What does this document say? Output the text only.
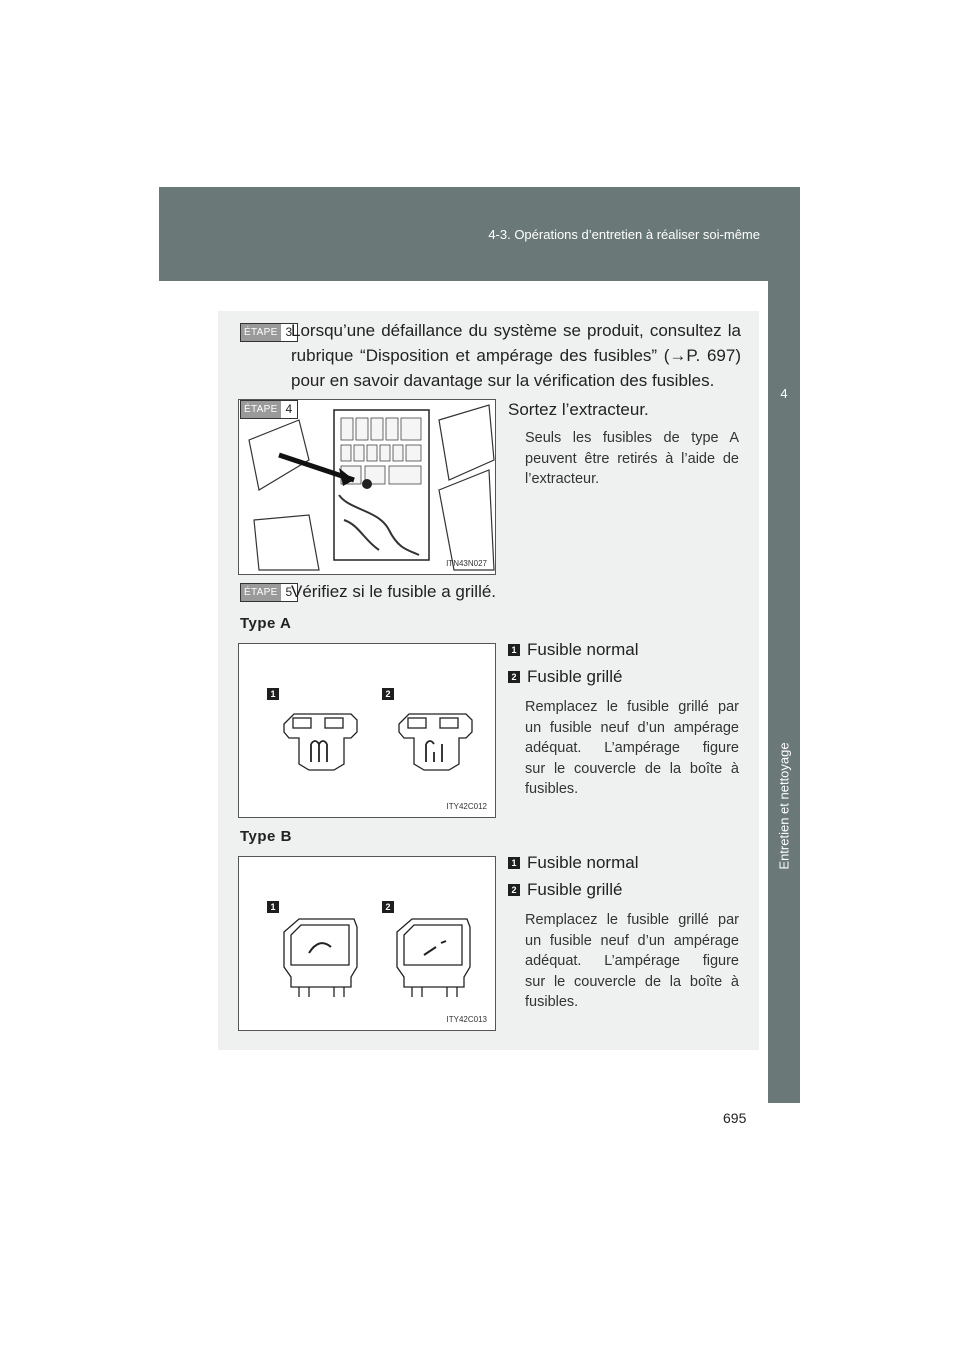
4-3. Opérations d’entretien à réaliser soi-même
4
Entretien et nettoyage
ÉTAPE 3
Lorsqu’une défaillance du système se produit, consultez la
rubrique “Disposition et ampérage des fusibles” (→P. 697)
pour en savoir davantage sur la vérification des fusibles.
ITN43N027
ÉTAPE 4	Sortez l’extracteur.
Seuls les fusibles de type A
peuvent être retirés à l’aide de
l’extracteur.
ÉTAPE 5
Vérifiez si le fusible a grillé.
Type A
1	2
ITY42C012
1 Fusible normal
2 Fusible grillé
Remplacez le fusible grillé par
un fusible neuf d’un ampérage
adéquat. L’ampérage figure
sur le couvercle de la boîte à
fusibles.
Type B
1	2
ITY42C013
1 Fusible normal
2 Fusible grillé
Remplacez le fusible grillé par
un fusible neuf d’un ampérage
adéquat. L’ampérage figure
sur le couvercle de la boîte à
fusibles.
695
